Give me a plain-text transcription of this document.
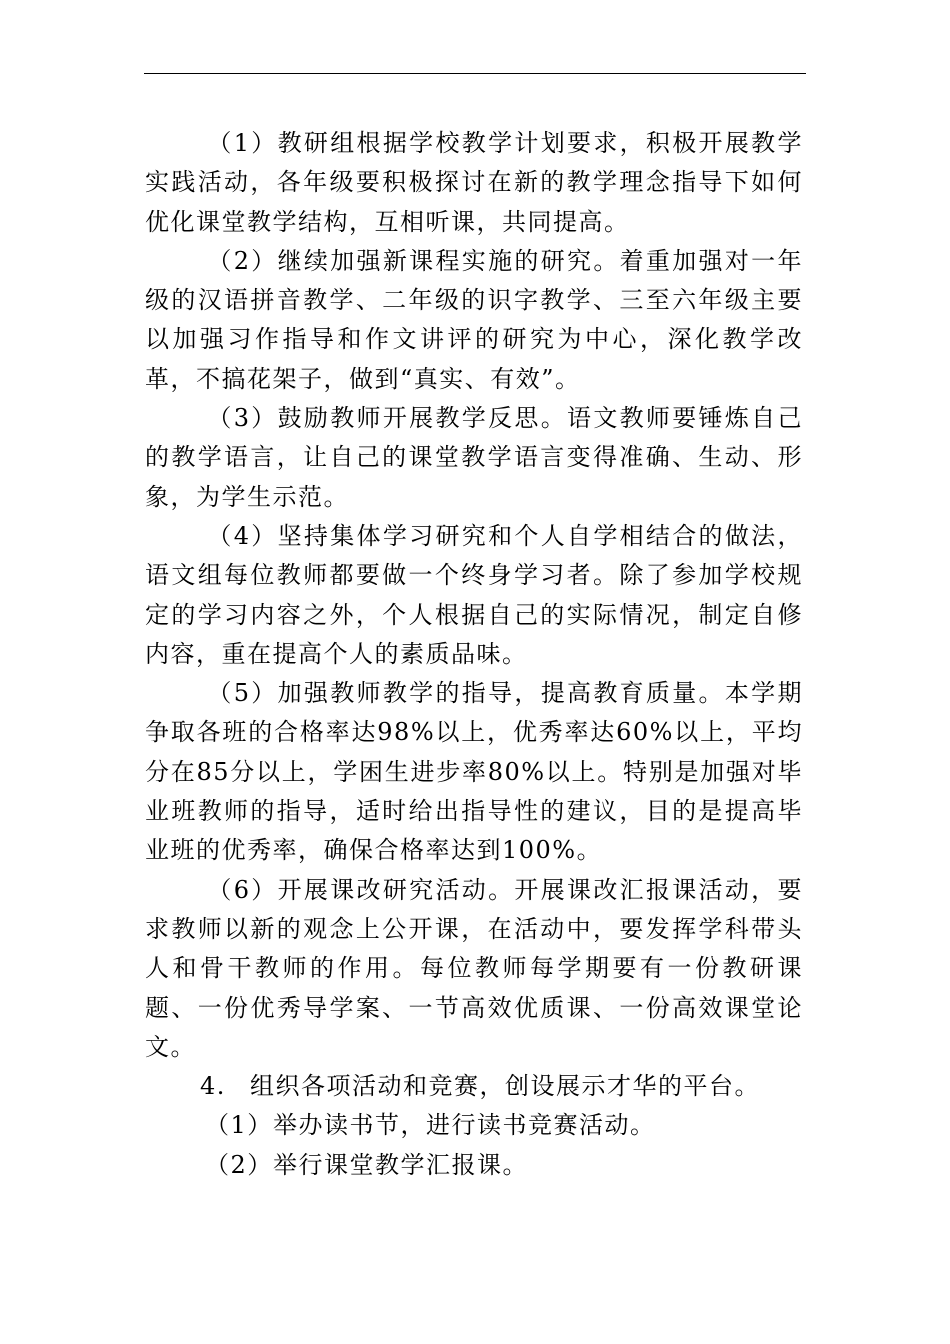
（1）教研组根据学校教学计划要求，积极开展教学实践活动，各年级要积极探讨在新的教学理念指导下如何优化课堂教学结构，互相听课，共同提高。

（2）继续加强新课程实施的研究。着重加强对一年级的汉语拼音教学、二年级的识字教学、三至六年级主要以加强习作指导和作文讲评的研究为中心，深化教学改革，不搞花架子，做到“真实、有效”。

（3）鼓励教师开展教学反思。语文教师要锤炼自己的教学语言，让自己的课堂教学语言变得准确、生动、形象，为学生示范。

（4）坚持集体学习研究和个人自学相结合的做法，语文组每位教师都要做一个终身学习者。除了参加学校规定的学习内容之外，个人根据自己的实际情况，制定自修内容，重在提高个人的素质品味。

（5）加强教师教学的指导，提高教育质量。本学期争取各班的合格率达98%以上，优秀率达60%以上，平均分在85分以上，学困生进步率80%以上。特别是加强对毕业班教师的指导，适时给出指导性的建议，目的是提高毕业班的优秀率，确保合格率达到100%。

（6）开展课改研究活动。开展课改汇报课活动，要求教师以新的观念上公开课，在活动中，要发挥学科带头人和骨干教师的作用。每位教师每学期要有一份教研课题、一份优秀导学案、一节高效优质课、一份高效课堂论文。

4. 组织各项活动和竞赛，创设展示才华的平台。

（1）举办读书节，进行读书竞赛活动。

（2）举行课堂教学汇报课。
